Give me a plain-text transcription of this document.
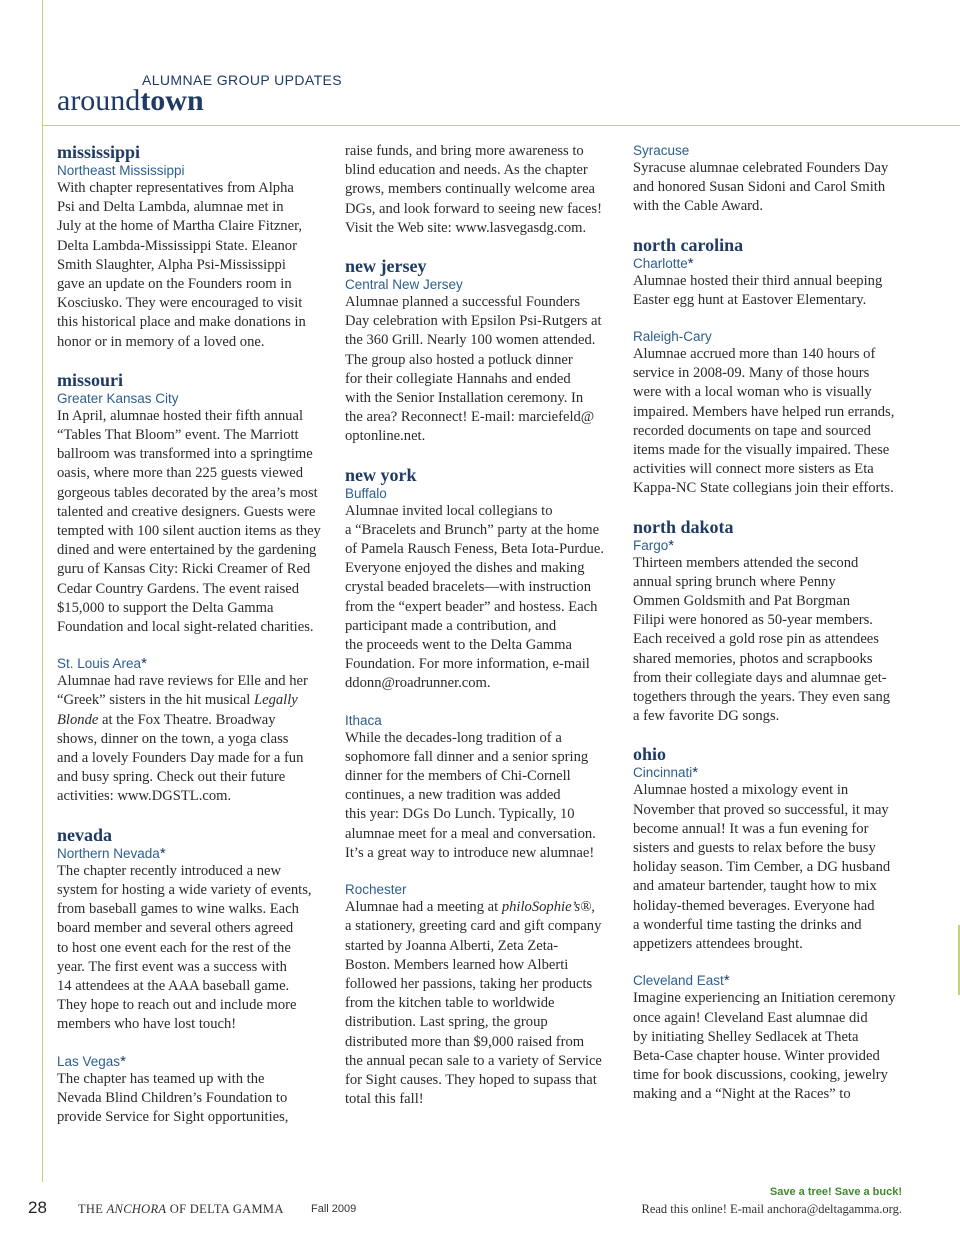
ALUMNAE GROUP UPDATES
aroundtown
mississippi
Northeast Mississippi

With chapter representatives from Alpha
Psi and Delta Lambda, alumnae met in
July at the home of Martha Claire Fitzner,
Delta Lambda-Mississippi State. Eleanor
Smith Slaughter, Alpha Psi-Mississippi
gave an update on the Founders room in
Kosciusko. They were encouraged to visit
this historical place and make donations in
honor or in memory of a loved one.

missouri
Greater Kansas City

In April, alumnae hosted their fifth annual
“Tables That Bloom” event. The Marriott
ballroom was transformed into a springtime
oasis, where more than 225 guests viewed
gorgeous tables decorated by the area’s most
talented and creative designers. Guests were
tempted with 100 silent auction items as they
dined and were entertained by the gardening
guru of Kansas City: Ricki Creamer of Red
Cedar Country Gardens. The event raised
$15,000 to support the Delta Gamma
Foundation and local sight-related charities.

St. Louis Area*

Alumnae had rave reviews for Elle and her
“Greek” sisters in the hit musical Legally
Blonde at the Fox Theatre. Broadway
shows, dinner on the town, a yoga class
and a lovely Founders Day made for a fun
and busy spring. Check out their future
activities: www.DGSTL.com.

nevada
Northern Nevada*

The chapter recently introduced a new
system for hosting a wide variety of events,
from baseball games to wine walks. Each
board member and several others agreed
to host one event each for the rest of the
year. The first event was a success with
14 attendees at the AAA baseball game.
They hope to reach out and include more
members who have lost touch!

Las Vegas*

The chapter has teamed up with the
Nevada Blind Children’s Foundation to
provide Service for Sight opportunities,

raise funds, and bring more awareness to
blind education and needs. As the chapter
grows, members continually welcome area
DGs, and look forward to seeing new faces!
Visit the Web site: www.lasvegasdg.com.

new jersey
Central New Jersey

Alumnae planned a successful Founders
Day celebration with Epsilon Psi-Rutgers at
the 360 Grill. Nearly 100 women attended.
The group also hosted a potluck dinner
for their collegiate Hannahs and ended
with the Senior Installation ceremony. In
the area? Reconnect! E-mail: marciefeld@
optonline.net.

new york
Buffalo

Alumnae invited local collegians to
a “Bracelets and Brunch” party at the home
of Pamela Rausch Feness, Beta Iota-Purdue.
Everyone enjoyed the dishes and making
crystal beaded bracelets—with instruction
from the “expert beader” and hostess. Each
participant made a contribution, and
the proceeds went to the Delta Gamma
Foundation. For more information, e-mail
ddonn@roadrunner.com.

Ithaca

While the decades-long tradition of a
sophomore fall dinner and a senior spring
dinner for the members of Chi-Cornell
continues, a new tradition was added
this year: DGs Do Lunch. Typically, 10
alumnae meet for a meal and conversation.
It’s a great way to introduce new alumnae!

Rochester

Alumnae had a meeting at philoSophie’s®,
a stationery, greeting card and gift company
started by Joanna Alberti, Zeta Zeta-
Boston. Members learned how Alberti
followed her passions, taking her products
from the kitchen table to worldwide
distribution. Last spring, the group
distributed more than $9,000 raised from
the annual pecan sale to a variety of Service
for Sight causes. They hoped to supass that
total this fall!

Syracuse

Syracuse alumnae celebrated Founders Day
and honored Susan Sidoni and Carol Smith
with the Cable Award.

north carolina
Charlotte*

Alumnae hosted their third annual beeping
Easter egg hunt at Eastover Elementary.

Raleigh-Cary

Alumnae accrued more than 140 hours of
service in 2008-09. Many of those hours
were with a local woman who is visually
impaired. Members have helped run errands,
recorded documents on tape and sourced
items made for the visually impaired. These
activities will connect more sisters as Eta
Kappa-NC State collegians join their efforts.

north dakota
Fargo*

Thirteen members attended the second
annual spring brunch where Penny
Ommen Goldsmith and Pat Borgman
Filipi were honored as 50-year members.
Each received a gold rose pin as attendees
shared memories, photos and scrapbooks
from their collegiate days and alumnae get-
togethers through the years. They even sang
a few favorite DG songs.

ohio
Cincinnati*

Alumnae hosted a mixology event in
November that proved so successful, it may
become annual! It was a fun evening for
sisters and guests to relax before the busy
holiday season. Tim Cember, a DG husband
and amateur bartender, taught how to mix
holiday-themed beverages. Everyone had
a wonderful time tasting the drinks and
appetizers attendees brought.

Cleveland East*

Imagine experiencing an Initiation ceremony
once again! Cleveland East alumnae did
by initiating Shelley Sedlacek at Theta
Beta-Case chapter house. Winter provided
time for book discussions, cooking, jewelry
making and a “Night at the Races” to

28 THE ANCHORA OF DELTA GAMMA Fall 2009
Save a tree! Save a buck!
Read this online! E-mail anchora@deltagamma.org.
